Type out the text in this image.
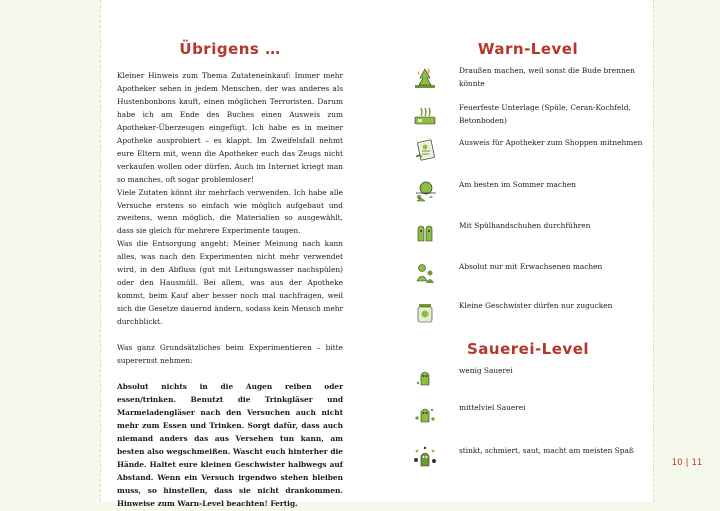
Übrigens …

Kleiner Hinweis zum Thema Zutateneinkauf: Immer mehr Apotheker sehen in jedem Menschen, der was anderes als Hustenbonbons kauft, einen möglichen Terroristen. Darum habe ich am Ende des Buches einen Ausweis zum Apotheker-Überzeugen eingefügt. Ich habe es in meiner Apotheke ausprobiert – es klappt. Im Zweifelsfall nehmt eure Eltern mit, wenn die Apotheker euch das Zeugs nicht verkaufen wollen oder dürfen. Auch im Internet kriegt man so manches, oft sogar problemloser!

Viele Zutaten könnt ihr mehrfach verwenden. Ich habe alle Versuche erstens so einfach wie möglich aufgebaut und zweitens, wenn möglich, die Materialien so ausgewählt, dass sie gleich für mehrere Experimente taugen.

Was die Entsorgung angeht: Meiner Meinung nach kann alles, was nach den Experimenten nicht mehr verwendet wird, in den Abfluss (gut mit Leitungswasser nachspülen) oder den Hausmüll. Bei allem, was aus der Apotheke kommt, beim Kauf aber besser noch mal nachfragen, weil sich die Gesetze dauernd ändern, sodass kein Mensch mehr durchblickt.

Was ganz Grundsätzliches beim Experimentieren – bitte superernst nehmen:

Absolut nichts in die Augen reiben oder essen/trinken. Benutzt die Trinkgläser und Marmeladengläser nach den Versuchen auch nicht mehr zum Essen und Trinken. Sorgt dafür, dass auch niemand anders das aus Versehen tun kann, am besten also wegschmeißen. Wascht euch hinterher die Hände. Haltet eure kleinen Geschwister halbwegs auf Abstand. Wenn ein Versuch irgendwo stehen bleiben muss, so hinstellen, dass sie nicht drankommen. Hinweise zum Warn-Level beachten! Fertig.

Warn-Level
Draußen machen, weil sonst die Bude brennen könnte
Feuerfeste Unterlage (Spüle, Ceran-Kochfeld, Betonboden)
Ausweis für Apotheker zum Shoppen mitnehmen
Am besten im Sommer machen
Mit Spülhandschuhen durchführen
Absolut nur mit Erwachsenen machen
Kleine Geschwister dürfen nur zugucken
Sauerei-Level
wenig Sauerei
mittelviel Sauerei
stinkt, schmiert, saut, macht am meisten Spaß
10 | 11
